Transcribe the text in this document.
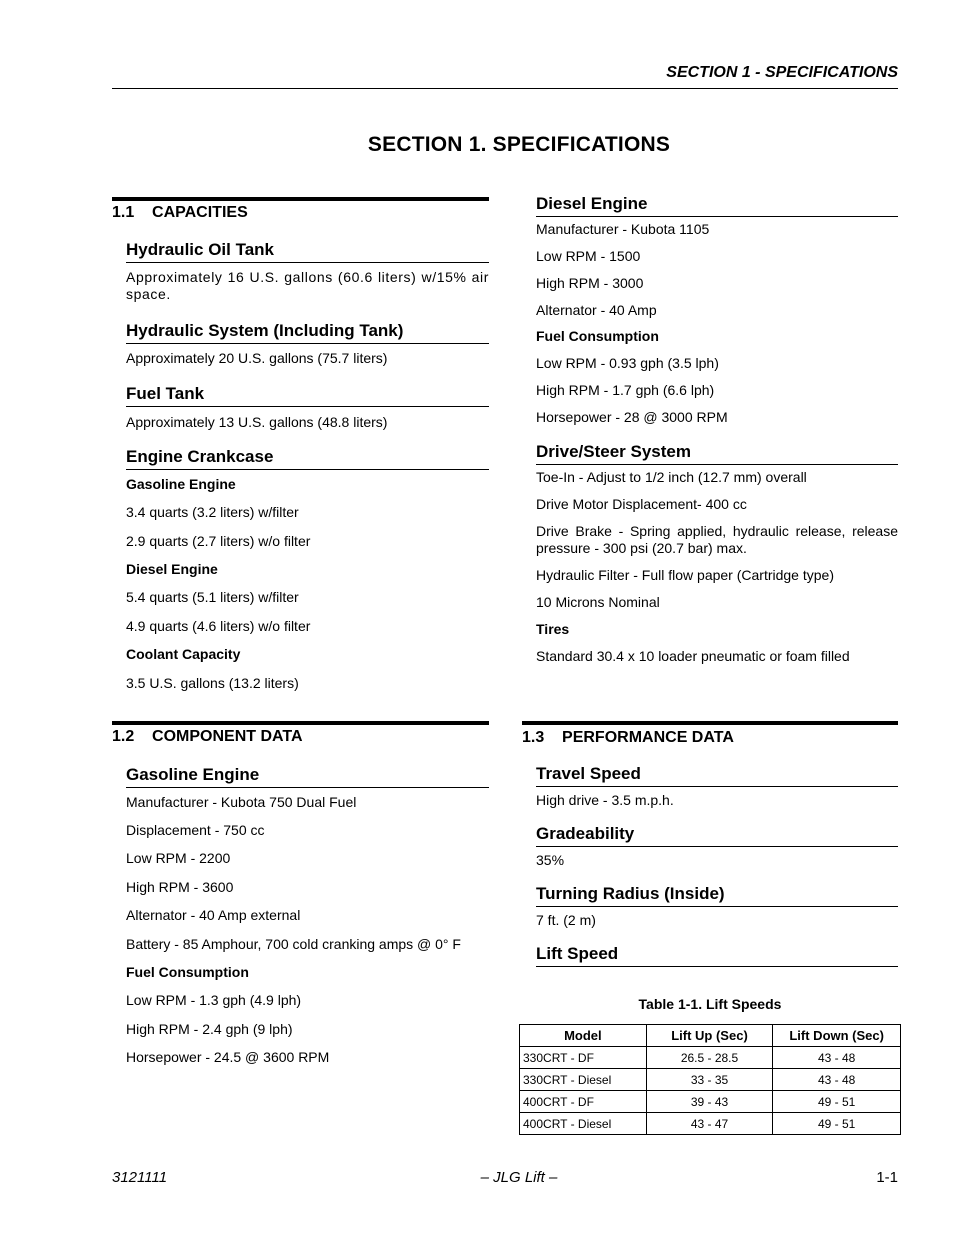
SECTION 1 - SPECIFICATIONS
SECTION 1. SPECIFICATIONS

1.1    CAPACITIES

Hydraulic Oil Tank

Approximately 16 U.S. gallons (60.6 liters) w/15% air space.

Hydraulic System (Including Tank)

Approximately 20 U.S. gallons (75.7 liters)

Fuel Tank

Approximately 13 U.S. gallons (48.8 liters)

Engine Crankcase

Gasoline Engine

3.4 quarts (3.2 liters) w/filter

2.9 quarts (2.7 liters) w/o filter

Diesel Engine

5.4 quarts (5.1 liters) w/filter

4.9 quarts (4.6 liters) w/o filter

Coolant Capacity

3.5 U.S. gallons (13.2 liters)

Diesel Engine

Manufacturer - Kubota 1105

Low RPM - 1500

High RPM - 3000

Alternator - 40 Amp

Fuel Consumption

Low RPM - 0.93 gph (3.5 lph)

High RPM - 1.7 gph (6.6 lph)

Horsepower - 28 @ 3000 RPM

Drive/Steer System

Toe-In - Adjust to 1/2 inch (12.7 mm) overall

Drive Motor Displacement- 400 cc

Drive Brake - Spring applied, hydraulic release, release pressure - 300 psi (20.7 bar) max.

Hydraulic Filter - Full flow paper (Cartridge type)

10 Microns Nominal

Tires

Standard 30.4 x 10 loader pneumatic or foam filled

1.2    COMPONENT DATA

Gasoline Engine

Manufacturer - Kubota 750 Dual Fuel

Displacement - 750 cc

Low RPM - 2200

High RPM - 3600

Alternator - 40 Amp external

Battery - 85 Amphour, 700 cold cranking amps @ 0° F

Fuel Consumption

Low RPM - 1.3 gph (4.9 lph)

High RPM - 2.4 gph (9 lph)

Horsepower - 24.5 @ 3600 RPM

1.3    PERFORMANCE DATA

Travel Speed

High drive - 3.5 m.p.h.

Gradeability

35%

Turning Radius (Inside)

7 ft. (2 m)

Lift Speed

Table 1-1. Lift Speeds
Model	Lift Up (Sec)	Lift Down (Sec)
330CRT - DF	26.5 - 28.5	43 - 48
330CRT - Diesel	33 - 35	43 - 48
400CRT - DF	39 - 43	49 - 51
400CRT - Diesel	43 - 47	49 - 51
3121111	– JLG Lift –	1-1
